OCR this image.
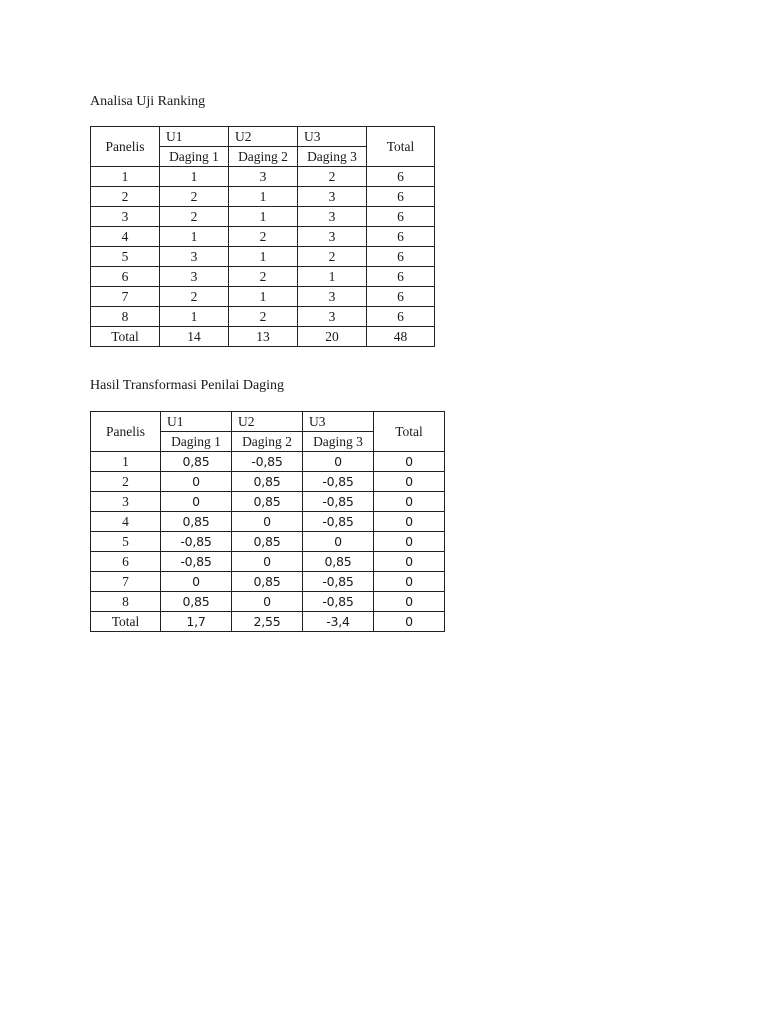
Analisa Uji Ranking
Panelis	U1	U2	U3	Total
	Daging 1	Daging 2	Daging 3	
1	1	3	2	6
2	2	1	3	6
3	2	1	3	6
4	1	2	3	6
5	3	1	2	6
6	3	2	1	6
7	2	1	3	6
8	1	2	3	6
Total	14	13	20	48
Hasil Transformasi Penilai Daging
Panelis	U1	U2	U3	Total
	Daging 1	Daging 2	Daging 3	
1	0,85	-0,85	0	0
2	0	0,85	-0,85	0
3	0	0,85	-0,85	0
4	0,85	0	-0,85	0
5	-0,85	0,85	0	0
6	-0,85	0	0,85	0
7	0	0,85	-0,85	0
8	0,85	0	-0,85	0
Total	1,7	2,55	-3,4	0
